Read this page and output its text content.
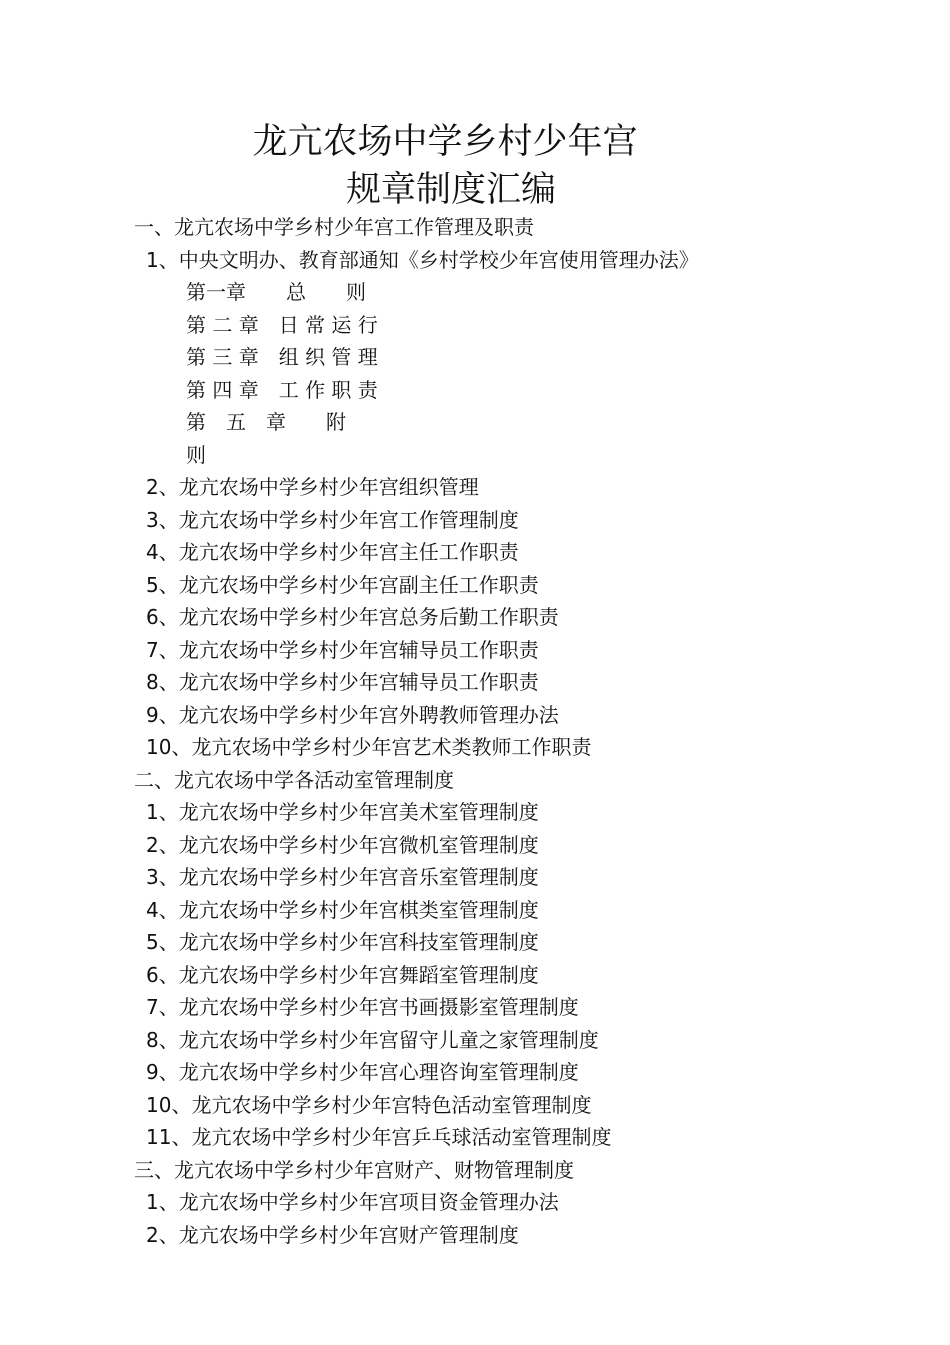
龙亢农场中学乡村少年宫
规章制度汇编
一、龙亢农场中学乡村少年宫工作管理及职责
1、中央文明办、教育部通知《乡村学校少年宫使用管理办法》
第一章　　总　　则
第 二 章　日 常 运 行
第 三 章　组 织 管 理
第 四 章　工 作 职 责
第　五　章　　附
则
2、龙亢农场中学乡村少年宫组织管理
3、龙亢农场中学乡村少年宫工作管理制度
4、龙亢农场中学乡村少年宫主任工作职责
5、龙亢农场中学乡村少年宫副主任工作职责
6、龙亢农场中学乡村少年宫总务后勤工作职责
7、龙亢农场中学乡村少年宫辅导员工作职责
8、龙亢农场中学乡村少年宫辅导员工作职责
9、龙亢农场中学乡村少年宫外聘教师管理办法
10、龙亢农场中学乡村少年宫艺术类教师工作职责
二、龙亢农场中学各活动室管理制度
1、龙亢农场中学乡村少年宫美术室管理制度
2、龙亢农场中学乡村少年宫微机室管理制度
3、龙亢农场中学乡村少年宫音乐室管理制度
4、龙亢农场中学乡村少年宫棋类室管理制度
5、龙亢农场中学乡村少年宫科技室管理制度
6、龙亢农场中学乡村少年宫舞蹈室管理制度
7、龙亢农场中学乡村少年宫书画摄影室管理制度
8、龙亢农场中学乡村少年宫留守儿童之家管理制度
9、龙亢农场中学乡村少年宫心理咨询室管理制度
10、龙亢农场中学乡村少年宫特色活动室管理制度
11、龙亢农场中学乡村少年宫乒乓球活动室管理制度
三、龙亢农场中学乡村少年宫财产、财物管理制度
1、龙亢农场中学乡村少年宫项目资金管理办法
2、龙亢农场中学乡村少年宫财产管理制度
